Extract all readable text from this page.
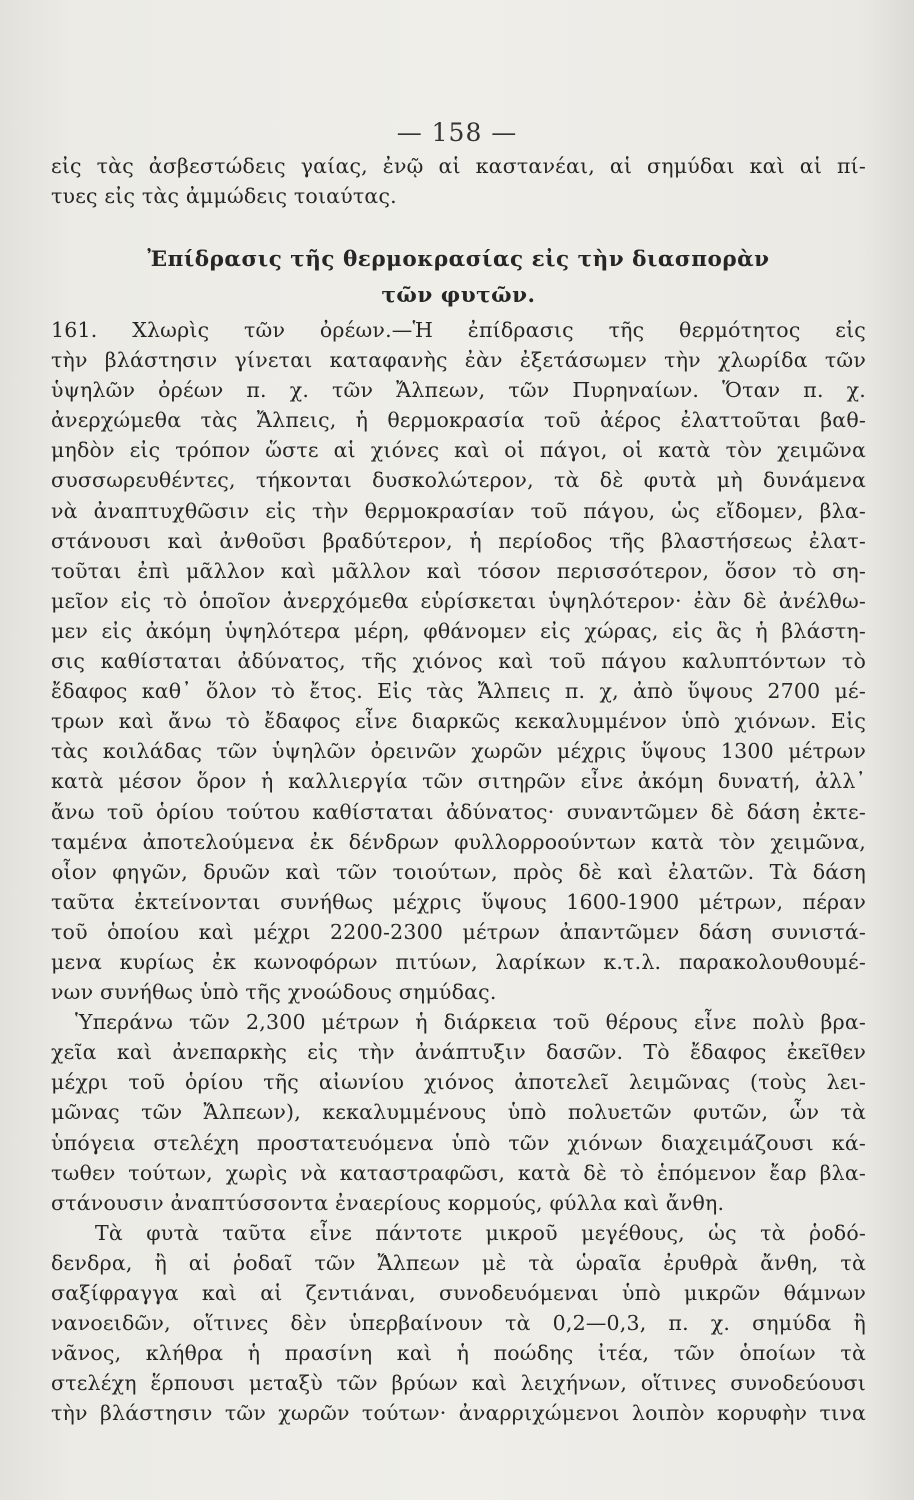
— 158 —
εἰς τὰς ἀσβεστώδεις γαίας, ἐνῷ αἱ καστανέαι, αἱ σημύδαι καὶ αἱ πί-
τυες εἰς τὰς ἀμμώδεις τοιαύτας.
Ἐπίδρασις τῆς θερμοκρασίας εἰς τὴν διασπορὰν
τῶν φυτῶν.
161. Χλωρὶς τῶν ὀρέων.—Ἡ ἐπίδρασις τῆς θερμότητος εἰς
τὴν βλάστησιν γίνεται καταφανὴς ἐὰν ἐξετάσωμεν τὴν χλωρίδα τῶν
ὑψηλῶν ὀρέων π. χ. τῶν Ἄλπεων, τῶν Πυρηναίων. Ὅταν π. χ.
ἀνερχώμεθα τὰς Ἄλπεις, ἡ θερμοκρασία τοῦ ἀέρος ἐλαττοῦται βαθ-
μηδὸν εἰς τρόπον ὥστε αἱ χιόνες καὶ οἱ πάγοι, οἱ κατὰ τὸν χειμῶνα
συσσωρευθέντες, τήκονται δυσκολώτερον, τὰ δὲ φυτὰ μὴ δυνάμενα
νὰ ἀναπτυχθῶσιν εἰς τὴν θερμοκρασίαν τοῦ πάγου, ὡς εἴδομεν, βλα-
στάνουσι καὶ ἀνθοῦσι βραδύτερον, ἡ περίοδος τῆς βλαστήσεως ἐλατ-
τοῦται ἐπὶ μᾶλλον καὶ μᾶλλον καὶ τόσον περισσότερον, ὅσον τὸ ση-
μεῖον εἰς τὸ ὁποῖον ἀνερχόμεθα εὑρίσκεται ὑψηλότερον· ἐὰν δὲ ἀνέλθω-
μεν εἰς ἀκόμη ὑψηλότερα μέρη, φθάνομεν εἰς χώρας, εἰς ἃς ἡ βλάστη-
σις καθίσταται ἀδύνατος, τῆς χιόνος καὶ τοῦ πάγου καλυπτόντων τὸ
ἔδαφος καθ᾽ ὅλον τὸ ἔτος. Εἰς τὰς Ἄλπεις π. χ, ἀπὸ ὕψους 2700 μέ-
τρων καὶ ἄνω τὸ ἔδαφος εἶνε διαρκῶς κεκαλυμμένον ὑπὸ χιόνων. Εἰς
τὰς κοιλάδας τῶν ὑψηλῶν ὀρεινῶν χωρῶν μέχρις ὕψους 1300 μέτρων
κατὰ μέσον ὅρον ἡ καλλιεργία τῶν σιτηρῶν εἶνε ἀκόμη δυνατή, ἀλλ᾽
ἄνω τοῦ ὁρίου τούτου καθίσταται ἀδύνατος· συναντῶμεν δὲ δάση ἐκτε-
ταμένα ἀποτελούμενα ἐκ δένδρων φυλλορροούντων κατὰ τὸν χειμῶνα,
οἷον φηγῶν, δρυῶν καὶ τῶν τοιούτων, πρὸς δὲ καὶ ἐλατῶν. Τὰ δάση
ταῦτα ἐκτείνονται συνήθως μέχρις ὕψους 1600-1900 μέτρων, πέραν
τοῦ ὁποίου καὶ μέχρι 2200-2300 μέτρων ἀπαντῶμεν δάση συνιστά-
μενα κυρίως ἐκ κωνοφόρων πιτύων, λαρίκων κ.τ.λ. παρακολουθουμέ-
νων συνήθως ὑπὸ τῆς χνοώδους σημύδας.
Ὑπεράνω τῶν 2,300 μέτρων ἡ διάρκεια τοῦ θέρους εἶνε πολὺ βρα-
χεῖα καὶ ἀνεπαρκὴς εἰς τὴν ἀνάπτυξιν δασῶν. Τὸ ἔδαφος ἐκεῖθεν
μέχρι τοῦ ὁρίου τῆς αἰωνίου χιόνος ἀποτελεῖ λειμῶνας (τοὺς λει-
μῶνας τῶν Ἄλπεων), κεκαλυμμένους ὑπὸ πολυετῶν φυτῶν, ὧν τὰ
ὑπόγεια στελέχη προστατευόμενα ὑπὸ τῶν χιόνων διαχειμάζουσι κά-
τωθεν τούτων, χωρὶς νὰ καταστραφῶσι, κατὰ δὲ τὸ ἑπόμενον ἔαρ βλα-
στάνουσιν ἀναπτύσσοντα ἐναερίους κορμούς, φύλλα καὶ ἄνθη.
Τὰ φυτὰ ταῦτα εἶνε πάντοτε μικροῦ μεγέθους, ὡς τὰ ῥοδό-
δενδρα, ἢ αἱ ῥοδαῖ τῶν Ἄλπεων μὲ τὰ ὡραῖα ἐρυθρὰ ἄνθη, τὰ
σαξίφραγγα καὶ αἱ ζεντιάναι, συνοδευόμεναι ὑπὸ μικρῶν θάμνων
νανοειδῶν, οἵτινες δὲν ὑπερβαίνουν τὰ 0,2—0,3, π. χ. σημύδα ἢ
νᾶνος, κλήθρα ἡ πρασίνη καὶ ἡ ποώδης ἰτέα, τῶν ὁποίων τὰ
στελέχη ἕρπουσι μεταξὺ τῶν βρύων καὶ λειχήνων, οἵτινες συνοδεύουσι
τὴν βλάστησιν τῶν χωρῶν τούτων· ἀναρριχώμενοι λοιπὸν κορυφὴν τινα
